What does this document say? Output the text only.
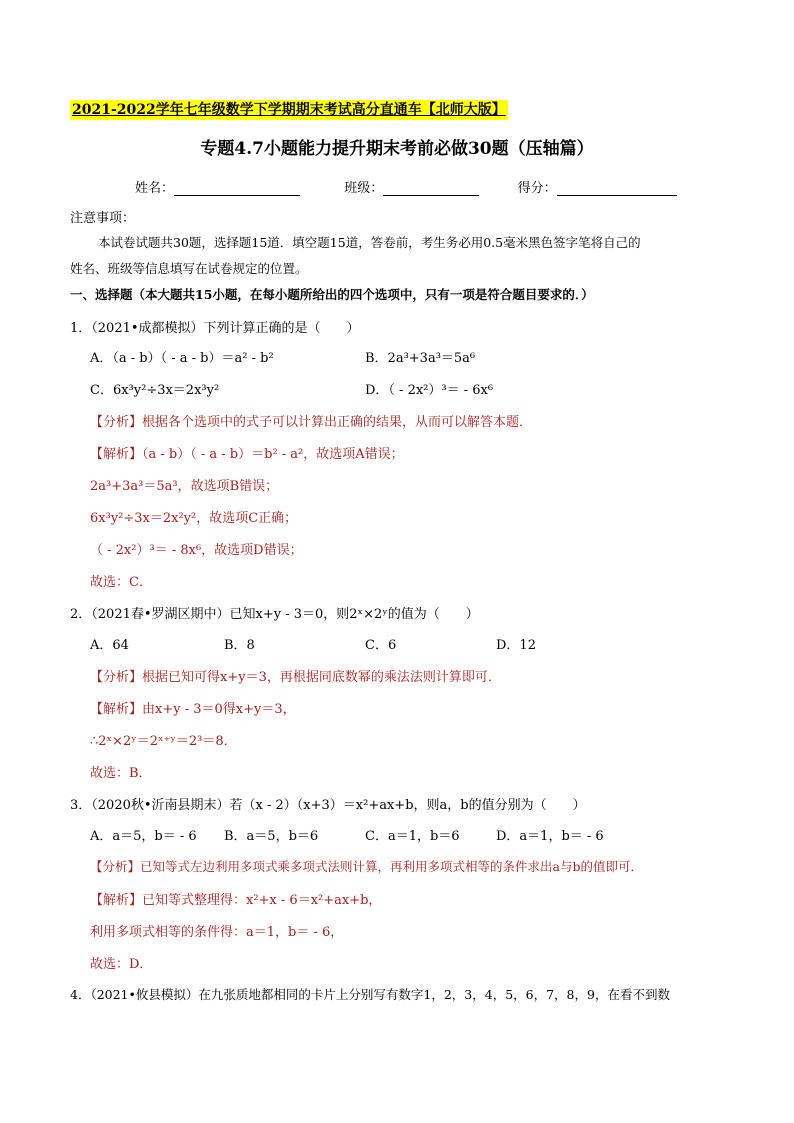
2021-2022学年七年级数学下学期期末考试高分直通车【北师大版】
专题4.7小题能力提升期末考前必做30题（压轴篇）
姓名：	班级：	得分：
注意事项：
本试卷试题共30题，选择题15道．填空题15道，答卷前，考生务必用0.5毫米黑色签字笔将自己的
姓名、班级等信息填写在试卷规定的位置。
一、选择题（本大题共15小题，在每小题所给出的四个选项中，只有一项是符合题目要求的．）
1．（2021•成都模拟）下列计算正确的是（　　）
A．（a - b）（ - a - b）＝a² - b²	B．2a³+3a³＝5a⁶
C．6x³y²÷3x＝2x³y²	D．（ - 2x²）³＝ - 6x⁶
【分析】根据各个选项中的式子可以计算出正确的结果，从而可以解答本题．
【解析】（a - b）（ - a - b）＝b² - a²，故选项A错误；
2a³+3a³＝5a³，故选项B错误；
6x³y²÷3x＝2x²y²，故选项C正确；
（ - 2x²）³＝ - 8x⁶，故选项D错误；
故选：C．
2．（2021春•罗湖区期中）已知x+y - 3＝0，则2ˣ×2ʸ的值为（　　）
A．64	B．8	C．6	D．12
【分析】根据已知可得x+y＝3，再根据同底数幂的乘法法则计算即可．
【解析】由x+y - 3＝0得x+y＝3，
∴2ˣ×2ʸ＝2ˣ⁺ʸ＝2³＝8．
故选：B．
3．（2020秋•沂南县期末）若（x - 2）（x+3）＝x²+ax+b，则a，b的值分别为（　　）
A．a＝5，b＝ - 6 B．a＝5，b＝6	C．a＝1，b＝6	D．a＝1，b＝ - 6
【分析】已知等式左边利用多项式乘多项式法则计算，再利用多项式相等的条件求出a与b的值即可．
【解析】已知等式整理得：x²+x - 6＝x²+ax+b，
利用多项式相等的条件得：a＝1，b＝ - 6，
故选：D．
4．（2021•攸县模拟）在九张质地都相同的卡片上分别写有数字1，2，3，4，5，6，7，8，9，在看不到数
